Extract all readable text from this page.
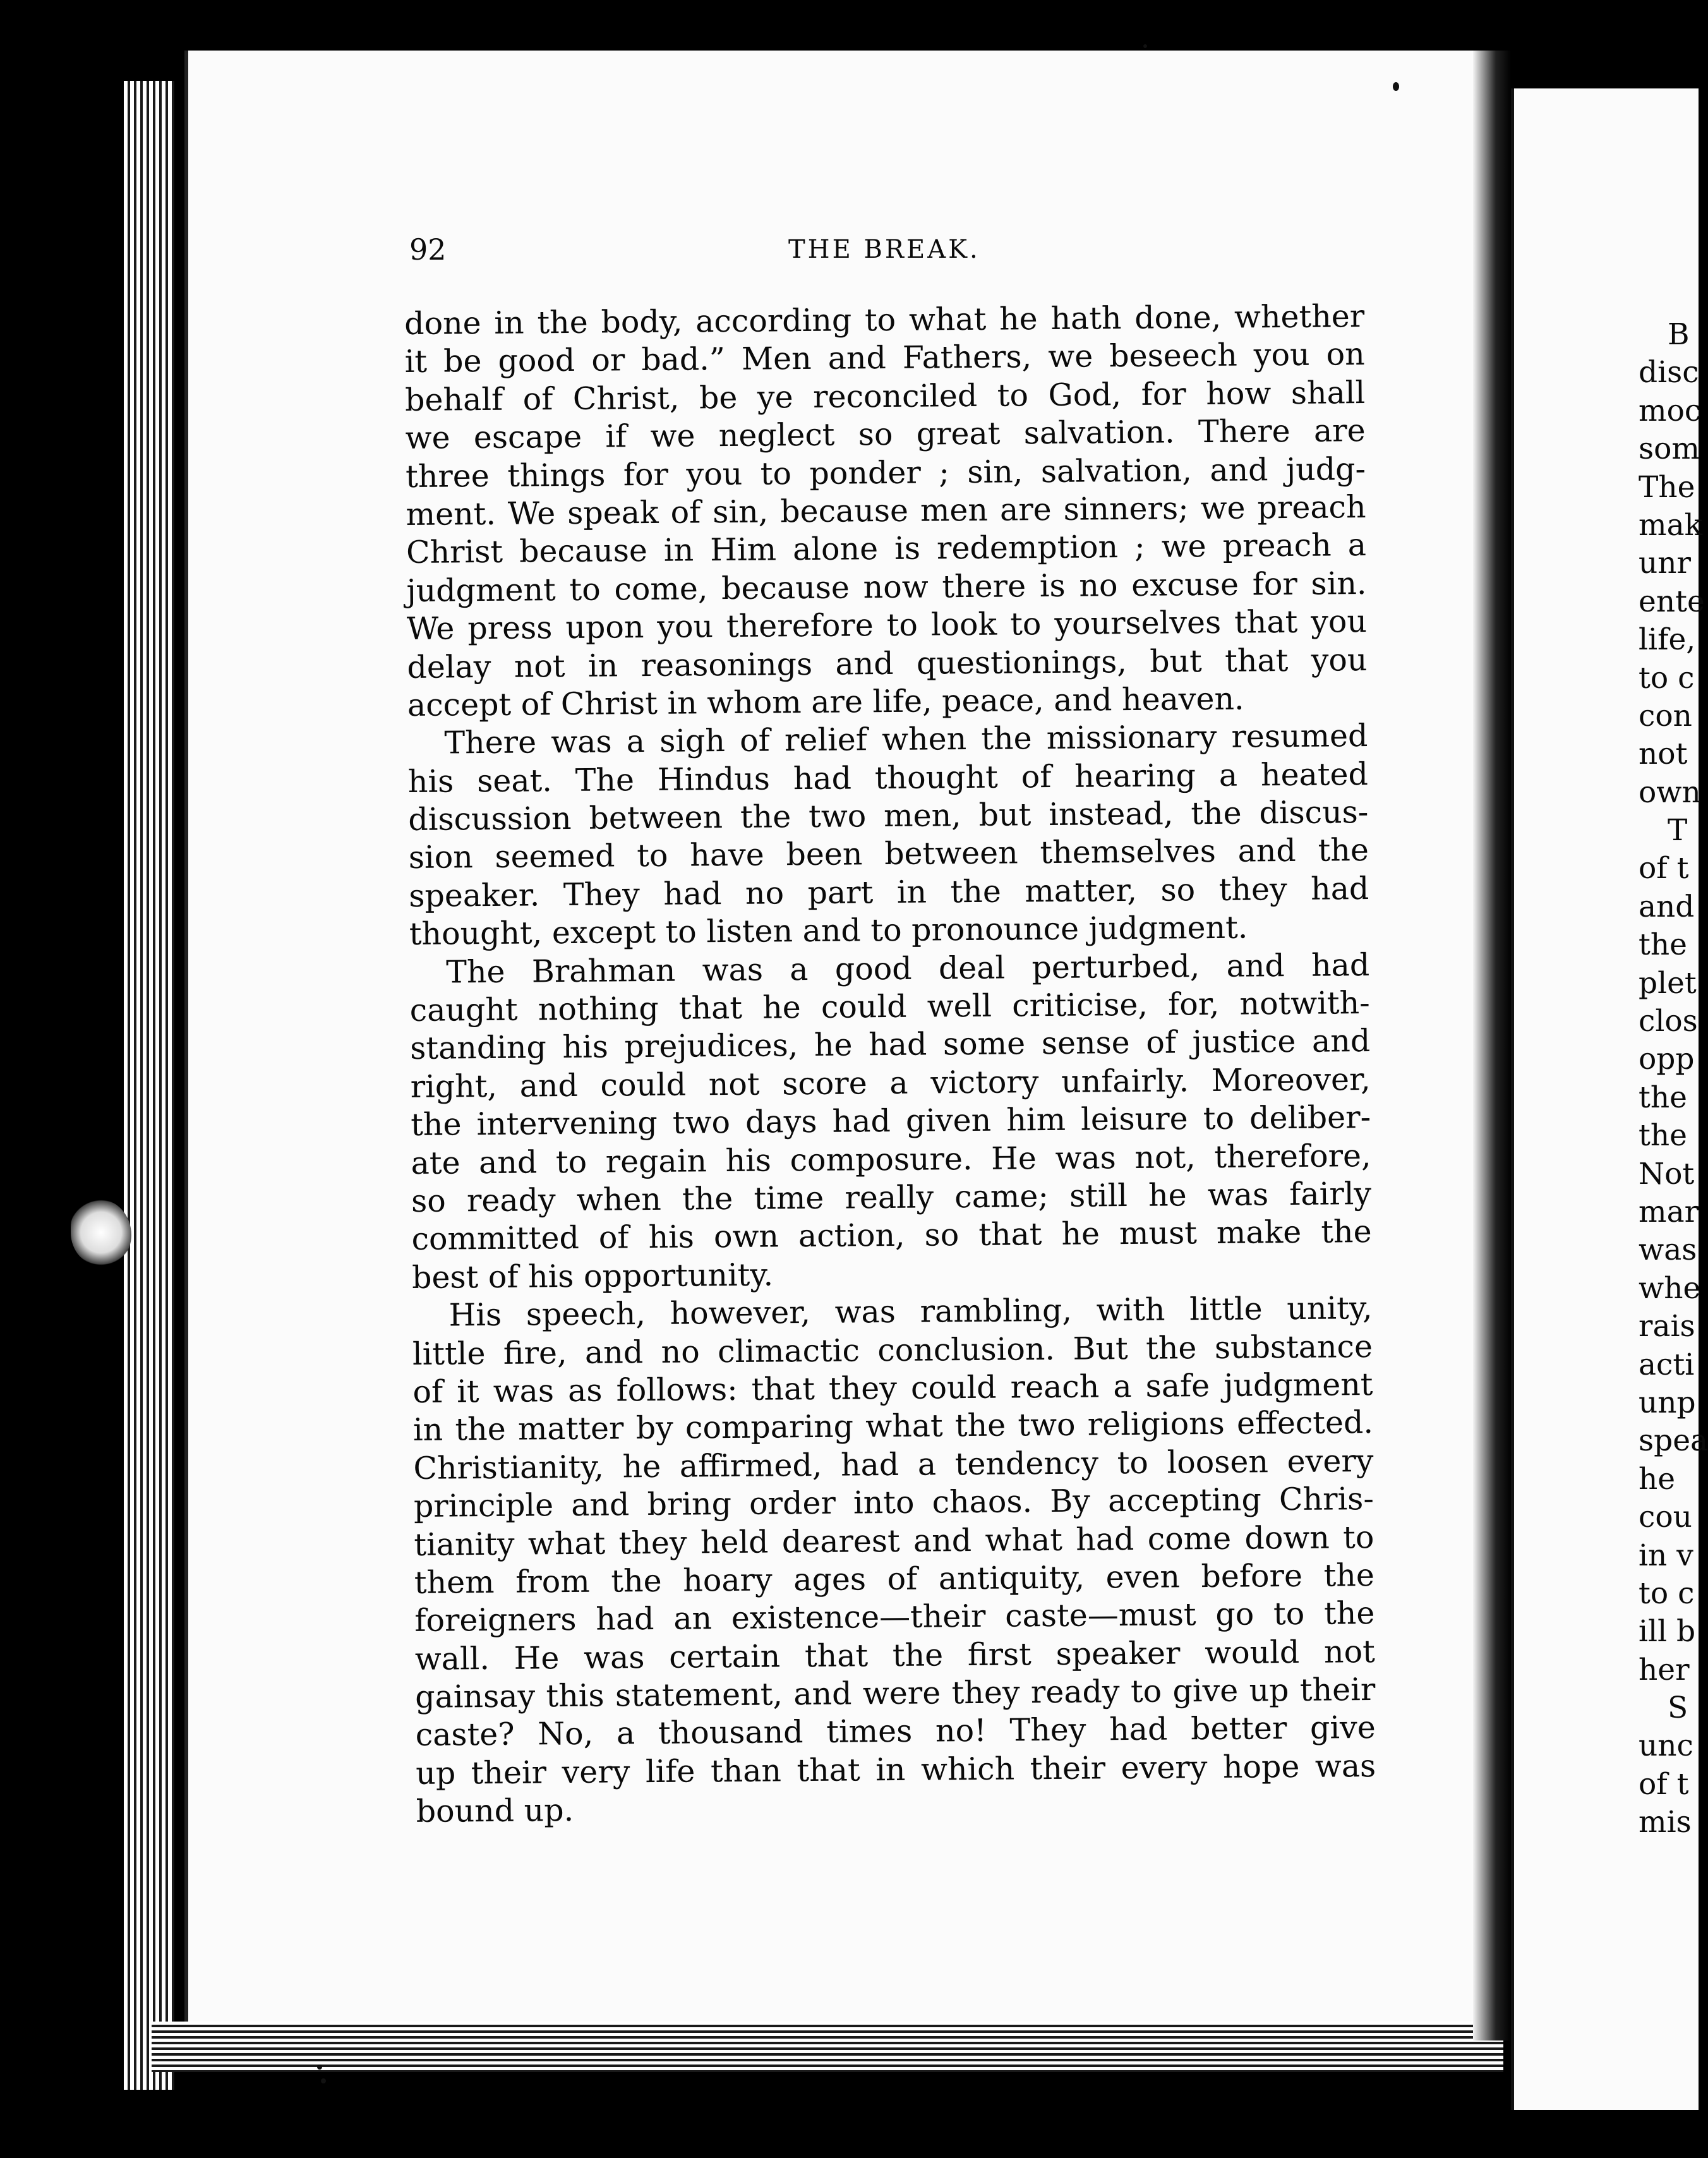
92	THE BREAK.
done in the body, according to what he hath done, whether
it be good or bad.” Men and Fathers, we beseech you on
behalf of Christ, be ye reconciled to God, for how shall
we escape if we neglect so great salvation. There are
three things for you to ponder ; sin, salvation, and judg-
ment. We speak of sin, because men are sinners; we preach
Christ because in Him alone is redemption ; we preach a
judgment to come, because now there is no excuse for sin.
We press upon you therefore to look to yourselves that you
delay not in reasonings and questionings, but that you
accept of Christ in whom are life, peace, and heaven.
There was a sigh of relief when the missionary resumed
his seat. The Hindus had thought of hearing a heated
discussion between the two men, but instead, the discus-
sion seemed to have been between themselves and the
speaker. They had no part in the matter, so they had
thought, except to listen and to pronounce judgment.
The Brahman was a good deal perturbed, and had
caught nothing that he could well criticise, for, notwith-
standing his prejudices, he had some sense of justice and
right, and could not score a victory unfairly. Moreover,
the intervening two days had given him leisure to deliber-
ate and to regain his composure. He was not, therefore,
so ready when the time really came; still he was fairly
committed of his own action, so that he must make the
best of his opportunity.
His speech, however, was rambling, with little unity,
little fire, and no climactic conclusion. But the substance
of it was as follows: that they could reach a safe judgment
in the matter by comparing what the two religions effected.
Christianity, he affirmed, had a tendency to loosen every
principle and bring order into chaos. By accepting Chris-
tianity what they held dearest and what had come down to
them from the hoary ages of antiquity, even before the
foreigners had an existence—their caste—must go to the
wall. He was certain that the first speaker would not
gainsay this statement, and were they ready to give up their
caste? No, a thousand times no! They had better give
up their very life than that in which their every hope was
bound up.
B
disc
moc
som
The
mak
unr
ente
life,
to c
con
not
own
T
of t
and
the
plet
clos
opp
the
the
Not
mar
was
whe
rais
acti
unp
spea
he
cou
in v
to c
ill b
her
S
unc
of t
mis
